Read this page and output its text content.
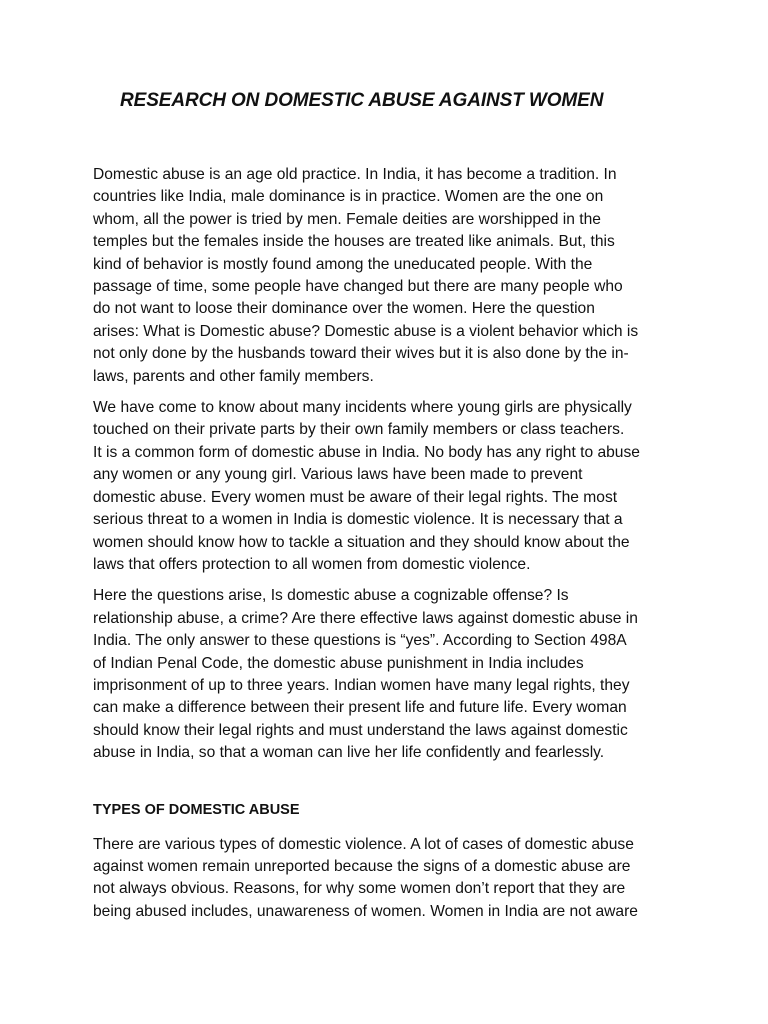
RESEARCH ON DOMESTIC ABUSE AGAINST WOMEN

Domestic abuse is an age old practice. In India, it has become a tradition. In
countries like India, male dominance is in practice. Women are the one on
whom, all the power is tried by men. Female deities are worshipped in the
temples but the females inside the houses are treated like animals. But, this
kind of behavior is mostly found among the uneducated people. With the
passage of time, some people have changed but there are many people who
do not want to loose their dominance over the women. Here the question
arises: What is Domestic abuse? Domestic abuse is a violent behavior which is
not only done by the husbands toward their wives but it is also done by the in-
laws, parents and other family members.

We have come to know about many incidents where young girls are physically
touched on their private parts by their own family members or class teachers.
It is a common form of domestic abuse in India. No body has any right to abuse
any women or any young girl. Various laws have been made to prevent
domestic abuse. Every women must be aware of their legal rights. The most
serious threat to a women in India is domestic violence. It is necessary that a
women should know how to tackle a situation and they should know about the
laws that offers protection to all women from domestic violence.

Here the questions arise, Is domestic abuse a cognizable offense? Is
relationship abuse, a crime? Are there effective laws against domestic abuse in
India. The only answer to these questions is “yes”. According to Section 498A
of Indian Penal Code, the domestic abuse punishment in India includes
imprisonment of up to three years. Indian women have many legal rights, they
can make a difference between their present life and future life. Every woman
should know their legal rights and must understand the laws against domestic
abuse in India, so that a woman can live her life confidently and fearlessly.

TYPES OF DOMESTIC ABUSE

There are various types of domestic violence. A lot of cases of domestic abuse
against women remain unreported because the signs of a domestic abuse are
not always obvious. Reasons, for why some women don’t report that they are
being abused includes, unawareness of women. Women in India are not aware
